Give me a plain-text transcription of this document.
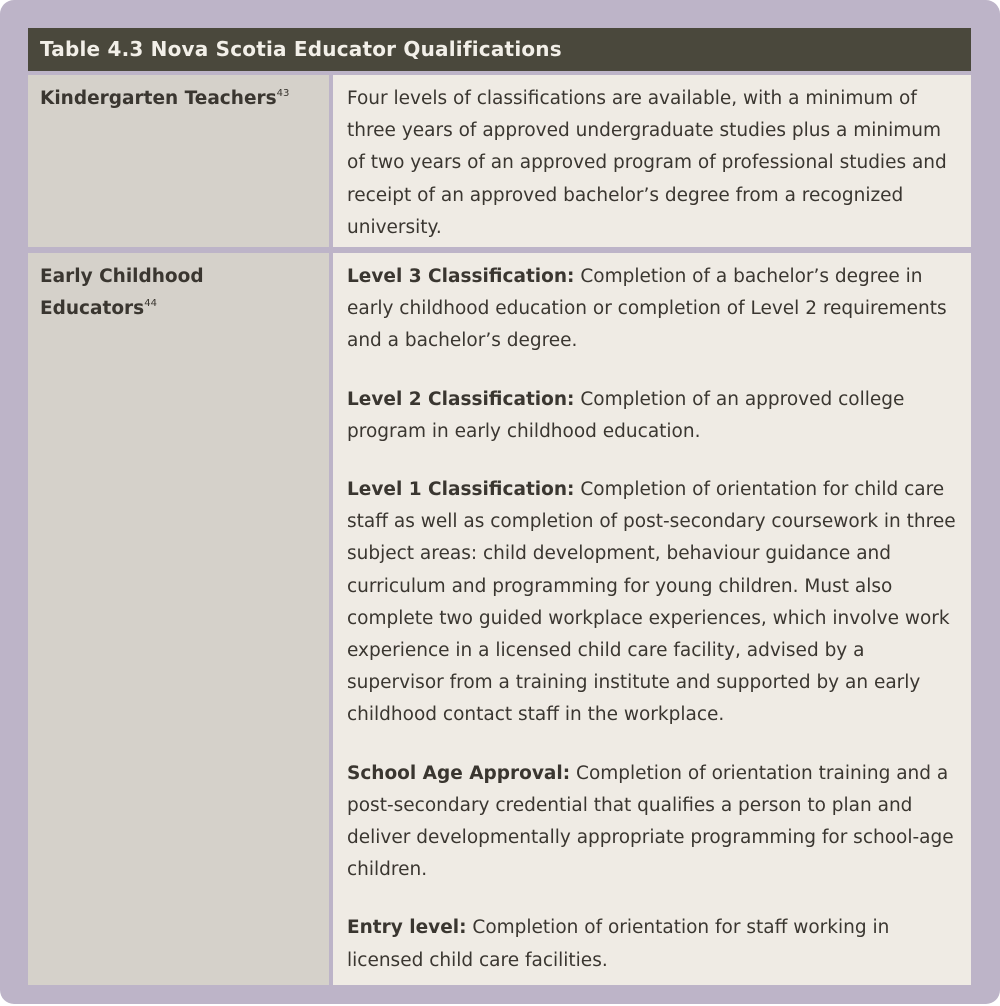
Table 4.3 Nova Scotia Educator Qualifications
Kindergarten Teachers$^{43}$	Four levels of classifications are available, with a minimum of three years of approved undergraduate studies plus a minimum of two years of an approved program of professional studies and receipt of an approved bachelor’s degree from a recognized university.

Early Childhood Educators$^{44}$

Level 3 Classification: Completion of a bachelor’s degree in early childhood education or completion of Level 2 requirements and a bachelor’s degree.

Level 2 Classification: Completion of an approved college program in early childhood education.

Level 1 Classification: Completion of orientation for child care staff as well as completion of post-secondary coursework in three subject areas: child development, behaviour guidance and curriculum and programming for young children. Must also complete two guided workplace experiences, which involve work experience in a licensed child care facility, advised by a supervisor from a training institute and supported by an early childhood contact staff in the workplace.

School Age Approval: Completion of orientation training and a post-secondary credential that qualifies a person to plan and deliver developmentally appropriate programming for school-age children.

Entry level: Completion of orientation for staff working in licensed child care facilities.
